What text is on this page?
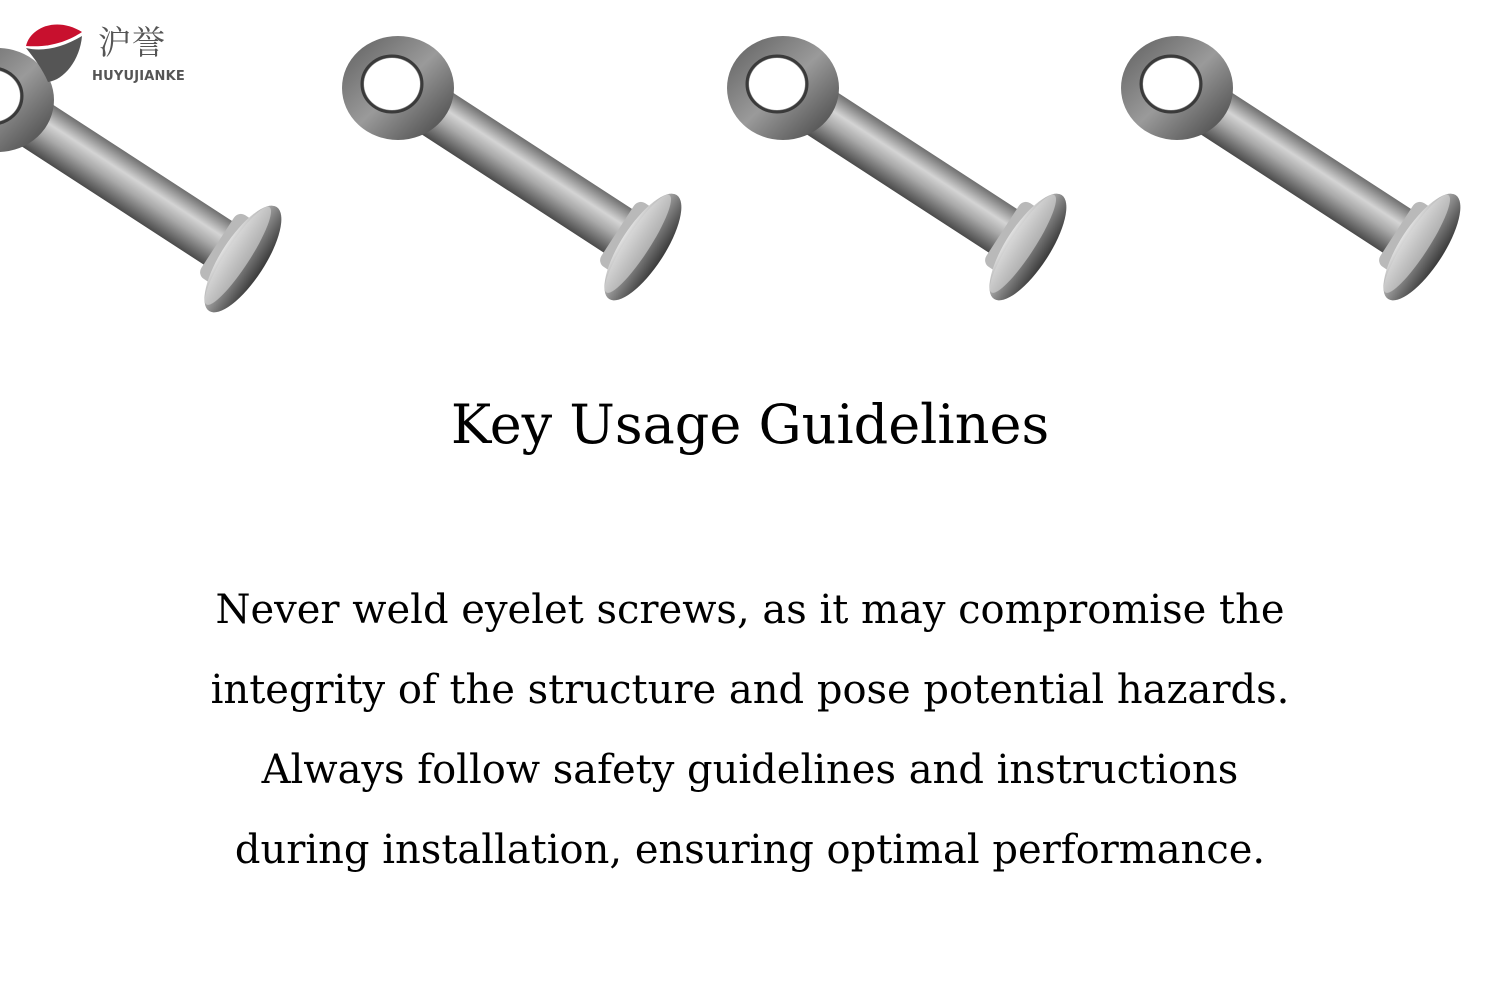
沪誉
HUYUJIANKE
Key Usage Guidelines

Never weld eyelet screws, as it may compromise the
integrity of the structure and pose potential hazards.
Always follow safety guidelines and instructions
during installation, ensuring optimal performance.
